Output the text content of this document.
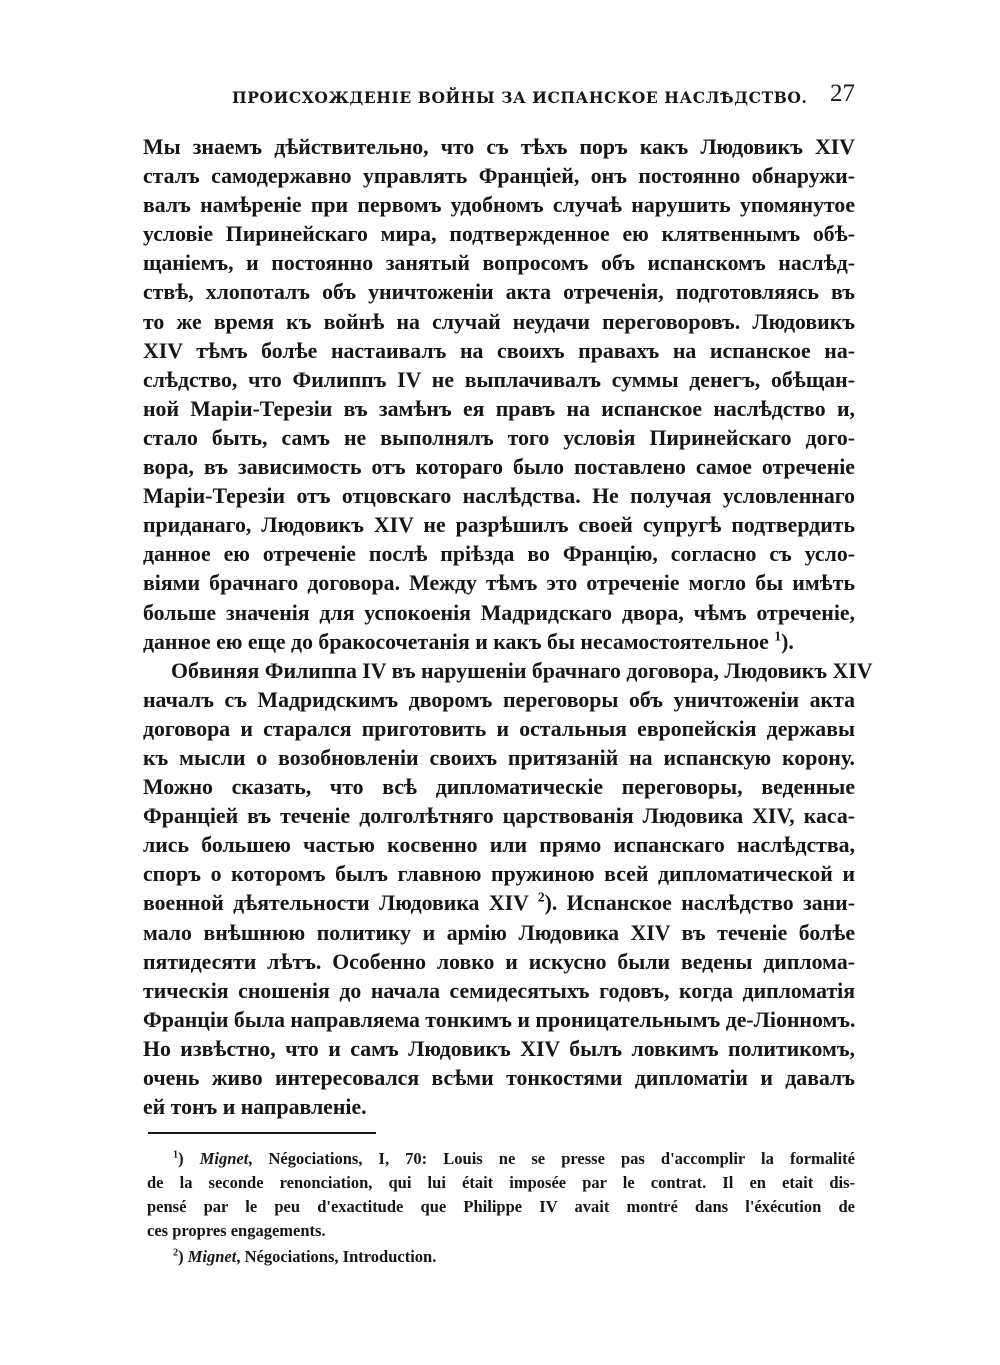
ПРОИСХОЖДЕНІЕ ВОЙНЫ ЗА ИСПАНСКОЕ НАСЛѢДСТВО. 27
Мы знаемъ дѣйствительно, что съ тѣхъ поръ какъ Людовикъ XIV
сталъ самодержавно управлять Франціей, онъ постоянно обнаружи-
валъ намѣреніе при первомъ удобномъ случаѣ нарушить упомянутое
условіе Пиринейскаго мира, подтвержденное ею клятвеннымъ обѣ-
щаніемъ, и постоянно занятый вопросомъ объ испанскомъ наслѣд-
ствѣ, хлопоталъ объ уничтоженіи акта отреченія, подготовляясь въ
то же время къ войнѣ на случай неудачи переговоровъ. Людовикъ
XIV тѣмъ болѣе настаивалъ на своихъ правахъ на испанское на-
слѣдство, что Филиппъ IV не выплачивалъ суммы денегъ, обѣщан-
ной Маріи-Терезіи въ замѣнъ ея правъ на испанское наслѣдство и,
стало быть, самъ не выполнялъ того условія Пиринейскаго дого-
вора, въ зависимость отъ котораго было поставлено самое отреченіе
Маріи-Терезіи отъ отцовскаго наслѣдства. Не получая условленнаго
приданаго, Людовикъ XIV не разрѣшилъ своей супругѣ подтвердить
данное ею отреченіе послѣ пріѣзда во Францію, согласно съ усло-
віями брачнаго договора. Между тѣмъ это отреченіе могло бы имѣть
больше значенія для успокоенія Мадридскаго двора, чѣмъ отреченіе,
данное ею еще до бракосочетанія и какъ бы несамостоятельное $^1$).
Обвиняя Филиппа IV въ нарушеніи брачнаго договора, Людовикъ XIV
началъ съ Мадридскимъ дворомъ переговоры объ уничтоженіи акта
договора и старался приготовить и остальныя европейскія державы
къ мысли о возобновленіи своихъ притязаній на испанскую корону.
Можно сказать, что всѣ дипломатическіе переговоры, веденные
Франціей въ теченіе долголѣтняго царствованія Людовика XIV, каса-
лись большею частью косвенно или прямо испанскаго наслѣдства,
споръ о которомъ былъ главною пружиною всей дипломатической и
военной дѣятельности Людовика XIV $^2$). Испанское наслѣдство зани-
мало внѣшнюю политику и армію Людовика XIV въ теченіе болѣе
пятидесяти лѣтъ. Особенно ловко и искусно были ведены диплома-
тическія сношенія до начала семидесятыхъ годовъ, когда дипломатія
Франціи была направляема тонкимъ и проницательнымъ де-Ліонномъ.
Но извѣстно, что и самъ Людовикъ XIV былъ ловкимъ политикомъ,
очень живо интересовался всѣми тонкостями дипломатіи и давалъ
ей тонъ и направленіе.
$^1$) Mignet, Négociations, I, 70: Louis ne se presse pas d'accomplir la formalité
de la seconde renonciation, qui lui était imposée par le contrat. Il en etait dis-
pensé par le peu d'exactitude que Philippe IV avait montré dans l'éxécution de
ces propres engagements.
$^2$) Mignet, Négociations, Introduction.
